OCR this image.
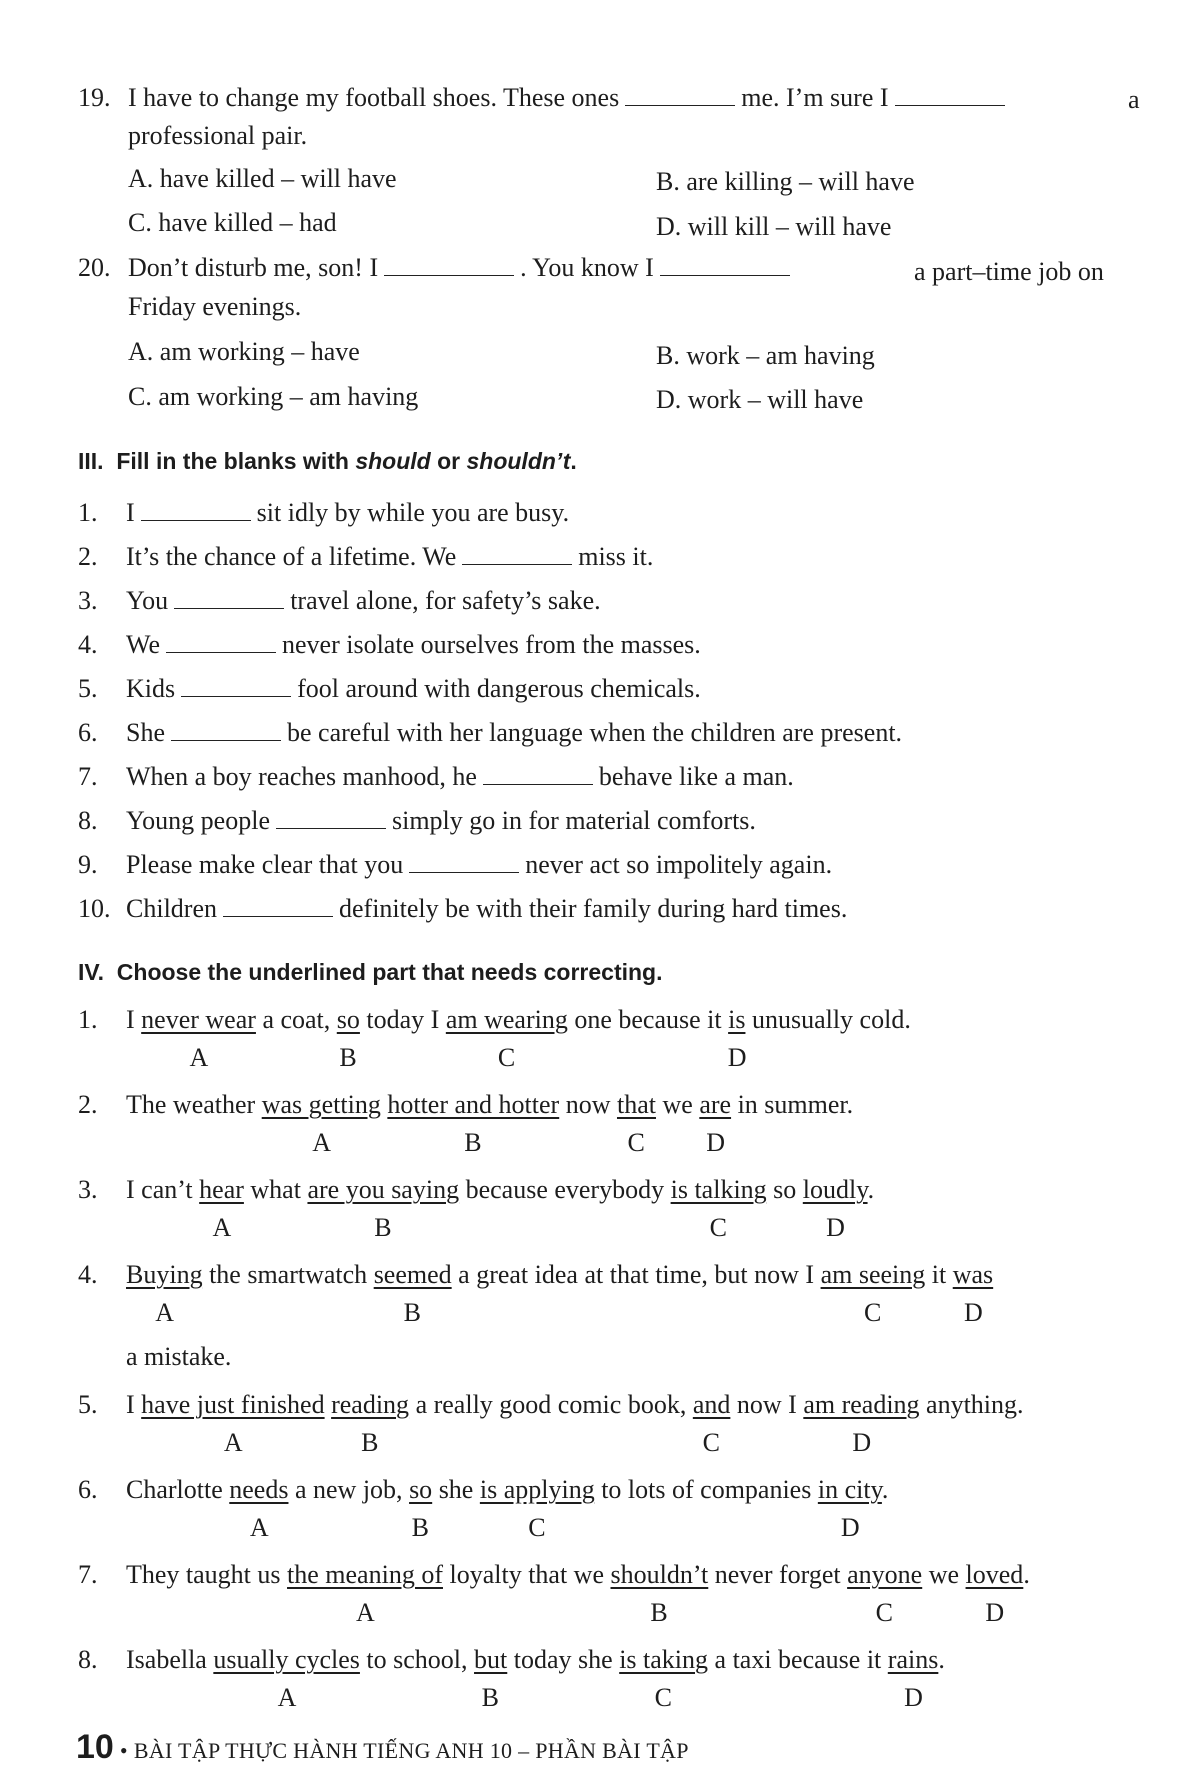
19. I have to change my football shoes. These ones	me. I’m sure I	a
professional pair.
A. have killed – will have	B. are killing – will have
C. have killed – had	D. will kill – will have
20. Don’t disturb me, son! I	. You know I	a part–time job on
Friday evenings.
A. am working – have	B. work – am having
C. am working – am having	D. work – will have
III. Fill in the blanks with should or shouldn’t.
1. I	sit idly by while you are busy.
2. It’s the chance of a lifetime. We	miss it.
3. You	travel alone, for safety’s sake.
4. We	never isolate ourselves from the masses.
5. Kids	fool around with dangerous chemicals.
6. She	be careful with her language when the children are present.
7. When a boy reaches manhood, he	behave like a man.
8. Young people	simply go in for material comforts.
9. Please make clear that you	never act so impolitely again.
10. Children	definitely be with their family during hard times.
IV. Choose the underlined part that needs correcting.
1. I never wear a coat, so today I am wearing one because it is unusually cold.
2. The weather was getting hotter and hotter now that we are in summer.
3. I can’t hear what are you saying because everybody is talking so loudly.
4. Buying the smartwatch seemed a great idea at that time, but now I am seeing it was
a mistake.
5. I have just finished reading a really good comic book, and now I am reading anything.
6. Charlotte needs a new job, so she is applying to lots of companies in city.
7. They taught us the meaning of loyalty that we shouldn’t never forget anyone we loved.
8. Isabella usually cycles to school, but today she is taking a taxi because it rains.
A	B	C	D
A	B	C D
A	B	C	D
A	B	C	D
A	B	C	D
A	B	C	D
A	B	C	D
A	B	C	D
10 • BÀI TẬP THỰC HÀNH TIẾNG ANH 10 – PHẦN BÀI TẬP
